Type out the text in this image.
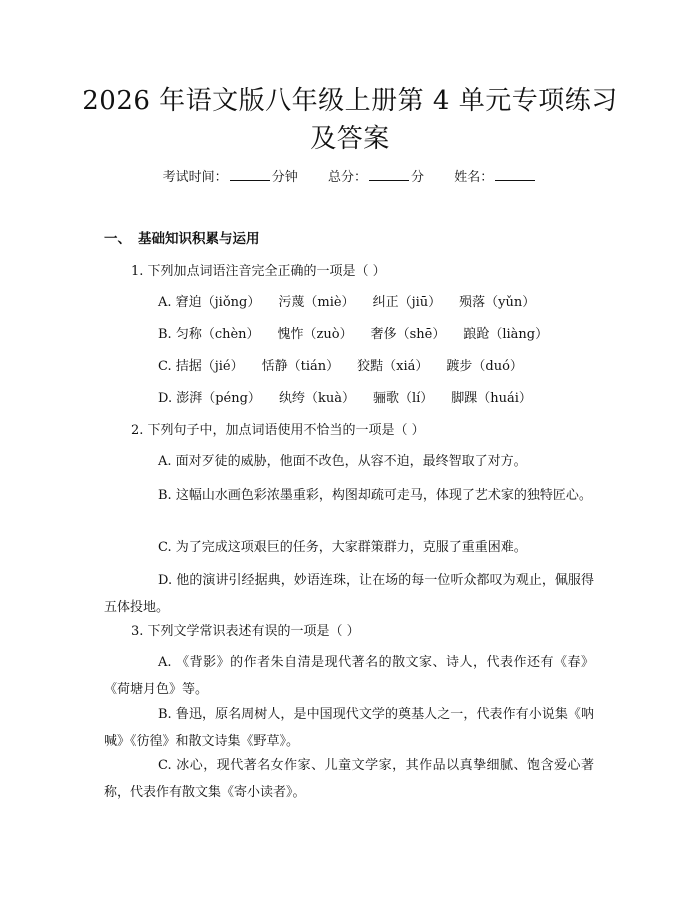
2026 年语文版八年级上册第 4 单元专项练习
及答案
考试时间：	分钟 总分：	分 姓名：
一、 基础知识积累与运用
1. 下列加点词语注音完全正确的一项是（ ）
A. 窘迫（jiǒng） 污蔑（miè） 纠正（jiū） 殒落（yǔn）
B. 匀称（chèn） 愧怍（zuò） 奢侈（shē） 踉跄（liàng）
C. 拮据（jié） 恬静（tián） 狡黠（xiá） 踱步（duó）
D. 澎湃（péng） 纨绔（kuà） 骊歌（lí） 脚踝（huái）
2. 下列句子中，加点词语使用不恰当的一项是（ ）
A. 面对歹徒的威胁，他面不改色，从容不迫，最终智取了对方。
B. 这幅山水画色彩浓墨重彩，构图却疏可走马，体现了艺术家的独特匠心。
C. 为了完成这项艰巨的任务，大家群策群力，克服了重重困难。
D. 他的演讲引经据典，妙语连珠，让在场的每一位听众都叹为观止，佩服得五体投地。
3. 下列文学常识表述有误的一项是（ ）
A. 《背影》的作者朱自清是现代著名的散文家、诗人，代表作还有《春》《荷塘月色》等。
B. 鲁迅，原名周树人，是中国现代文学的奠基人之一，代表作有小说集《呐喊》《彷徨》和散文诗集《野草》。
C. 冰心，现代著名女作家、儿童文学家，其作品以真挚细腻、饱含爱心著称，代表作有散文集《寄小读者》。
